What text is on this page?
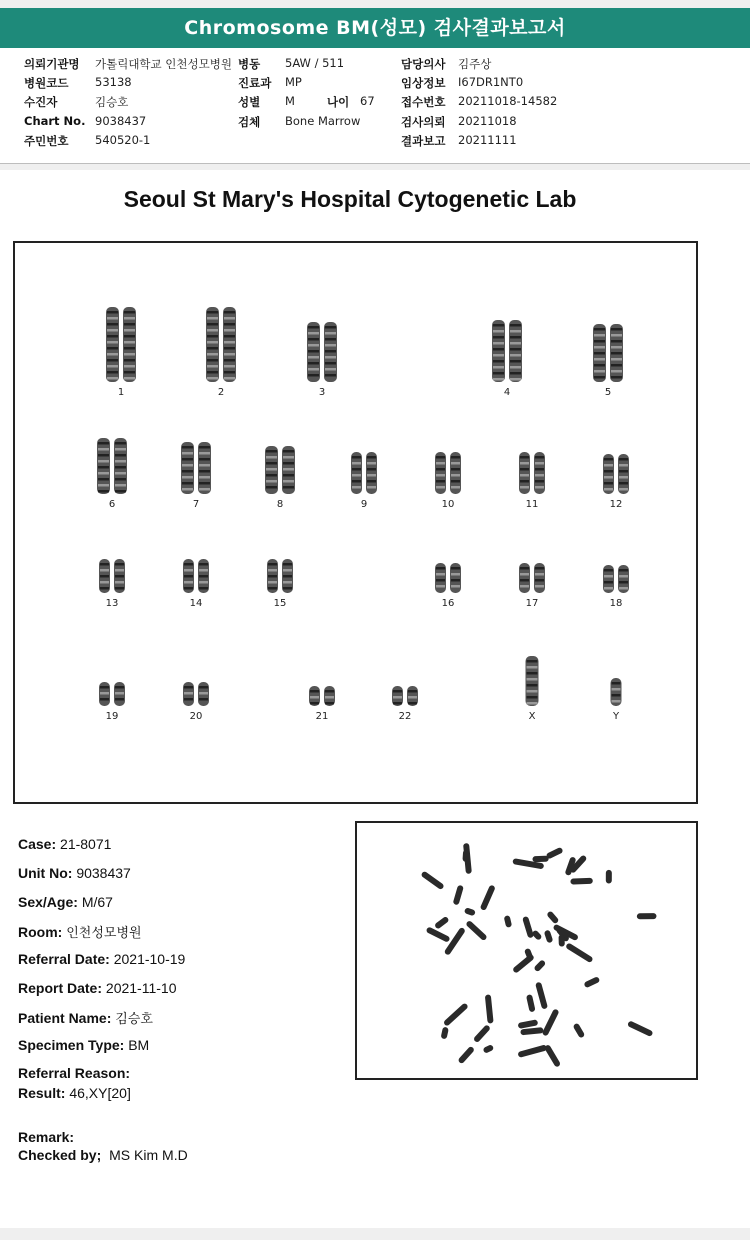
Chromosome BM(성모) 검사결과보고서
의뢰기관명 가톨릭대학교 인천성모병원 병동 5AW / 511	담당의사 김주상
병원코드 53138	진료과 MP	임상정보 I67DR1NT0
수진자	김승호	성별 M	나이 67 접수번호 20211018-14582
Chart No. 9038437	검체 Bone Marrow	검사의뢰 20211018
주민번호 540520-1	결과보고 20211111
Seoul St Mary's Hospital Cytogenetic Lab
1	2	3	4	5
6	7	8	9	10	11	12
13	14	15	16	17	18
19	20	21	22	X	Y
Case: 21-8071
Unit No: 9038437
Sex/Age: M/67
Room: 인천성모병원
Referral Date: 2021-10-19
Report Date: 2021-11-10
Patient Name: 김승호
Specimen Type: BM
Referral Reason:
Result: 46,XY[20]
Remark:
Checked by; MS Kim M.D
